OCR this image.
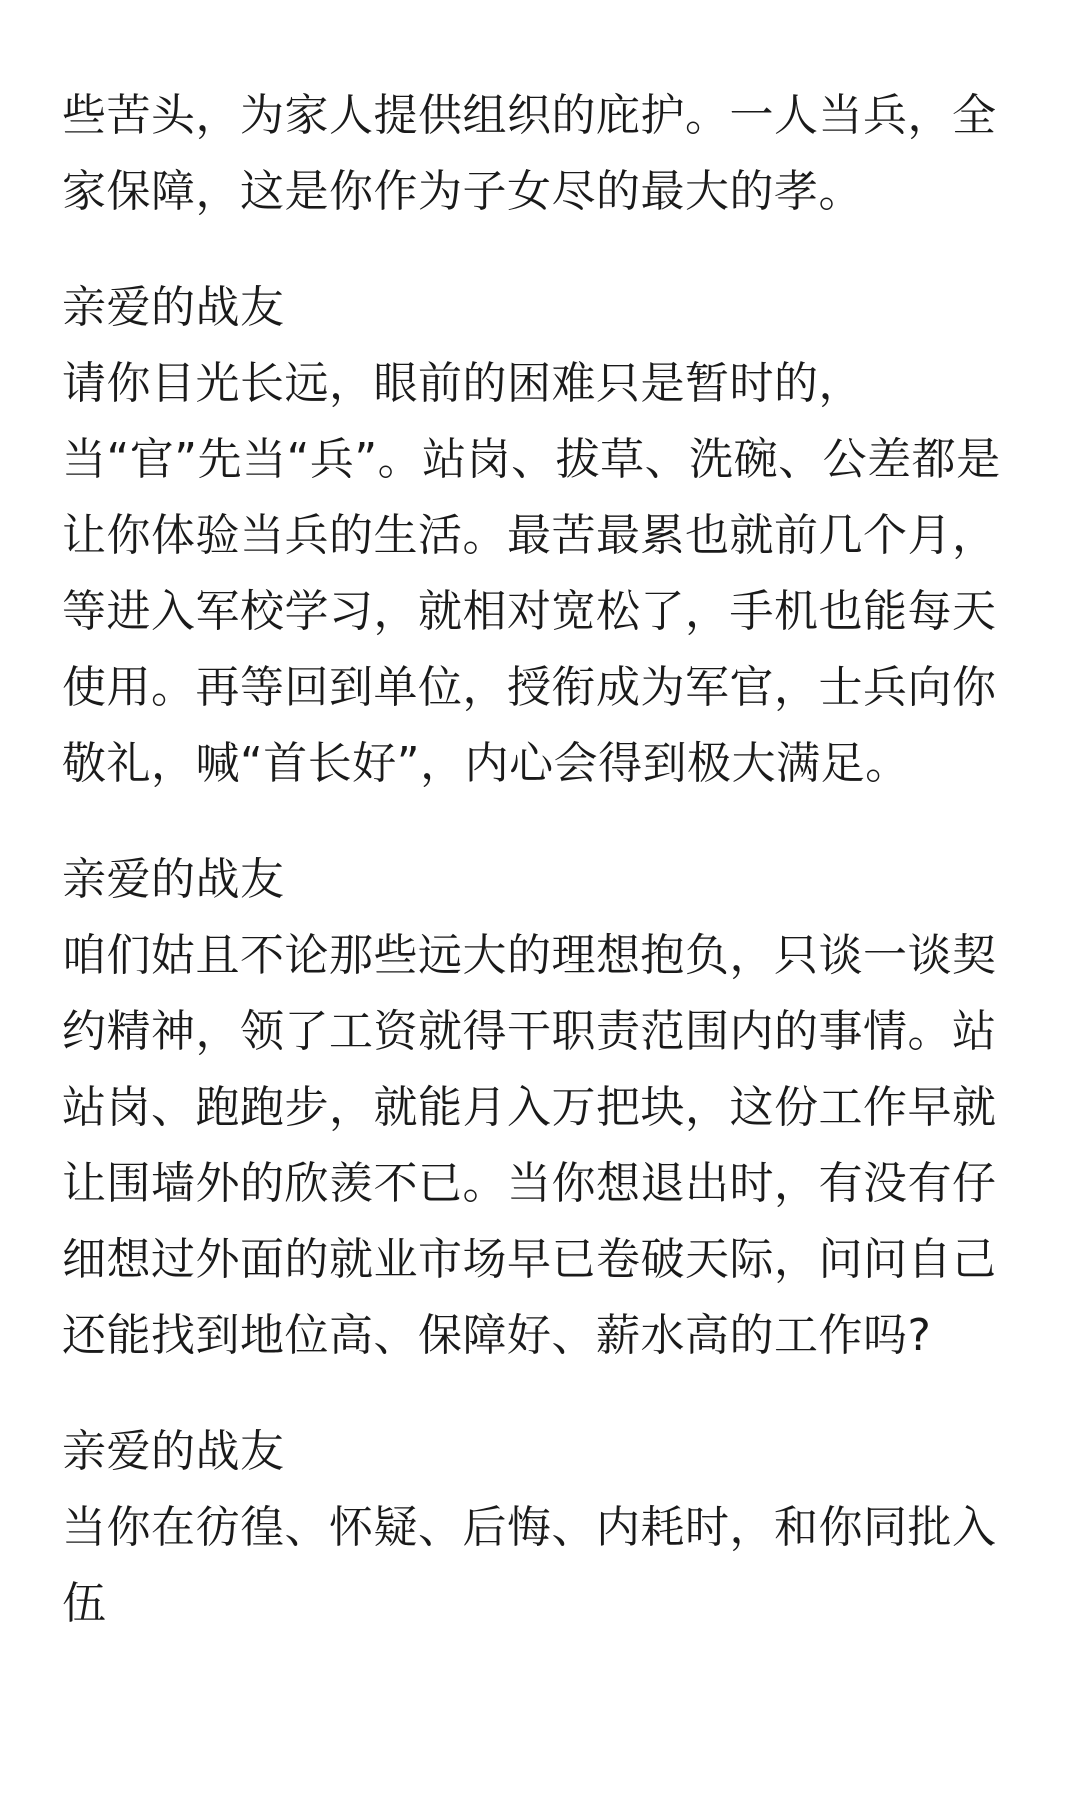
些苦头，为家人提供组织的庇护。一人当兵，全家保障，这是你作为子女尽的最大的孝。

亲爱的战友

请你目光长远，眼前的困难只是暂时的，当“官”先当“兵”。站岗、拔草、洗碗、公差都是让你体验当兵的生活。最苦最累也就前几个月，等进入军校学习，就相对宽松了，手机也能每天使用。再等回到单位，授衔成为军官，士兵向你敬礼，喊“首长好”，内心会得到极大满足。

亲爱的战友

咱们姑且不论那些远大的理想抱负，只谈一谈契约精神，领了工资就得干职责范围内的事情。站站岗、跑跑步，就能月入万把块，这份工作早就让围墙外的欣羡不已。当你想退出时，有没有仔细想过外面的就业市场早已卷破天际，问问自己还能找到地位高、保障好、薪水高的工作吗?

亲爱的战友

当你在彷徨、怀疑、后悔、内耗时，和你同批入伍
